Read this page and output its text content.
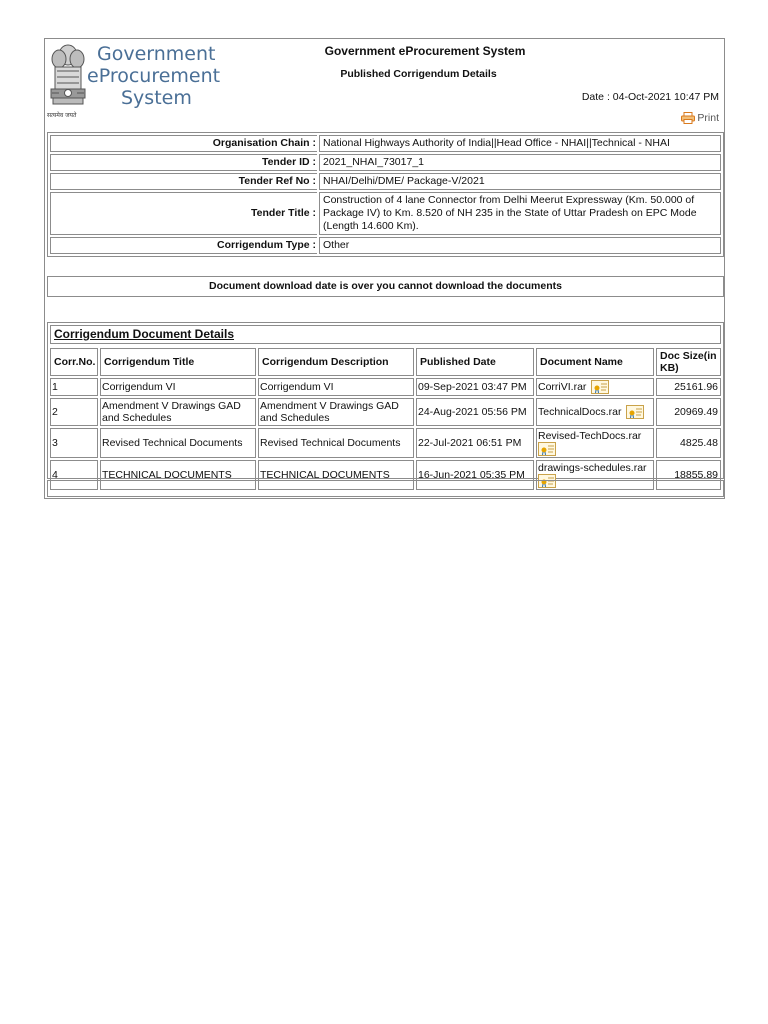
सत्यमेव जयते
Government
eProcurement
System
Government eProcurement System
Published Corrigendum Details
Date : 04-Oct-2021 10:47 PM
Print
Organisation Chain :	National Highways Authority of India||Head Office - NHAI||Technical - NHAI
Tender ID :	2021_NHAI_73017_1
Tender Ref No :	NHAI/Delhi/DME/ Package-V/2021
Tender Title :	Construction of 4 lane Connector from Delhi Meerut Expressway (Km. 50.000 of Package IV) to Km. 8.520 of NH 235 in the State of Uttar Pradesh on EPC Mode (Length 14.600 Km).
Corrigendum Type :	Other
Document download date is over you cannot download the documents
Corrigendum Document Details
Corr.No.	Corrigendum Title	Corrigendum Description	Published Date	Document Name	Doc Size(in KB)
1	Corrigendum VI	Corrigendum VI	09-Sep-2021 03:47 PM	CorriVI.rar	25161.96
2	Amendment V Drawings GAD and Schedules	Amendment V Drawings GAD and Schedules	24-Aug-2021 05:56 PM	TechnicalDocs.rar	20969.49
3	Revised Technical Documents	Revised Technical Documents	22-Jul-2021 06:51 PM	Revised-TechDocs.rar	4825.48
4	TECHNICAL DOCUMENTS	TECHNICAL DOCUMENTS	16-Jun-2021 05:35 PM	drawings-schedules.rar	18855.89
